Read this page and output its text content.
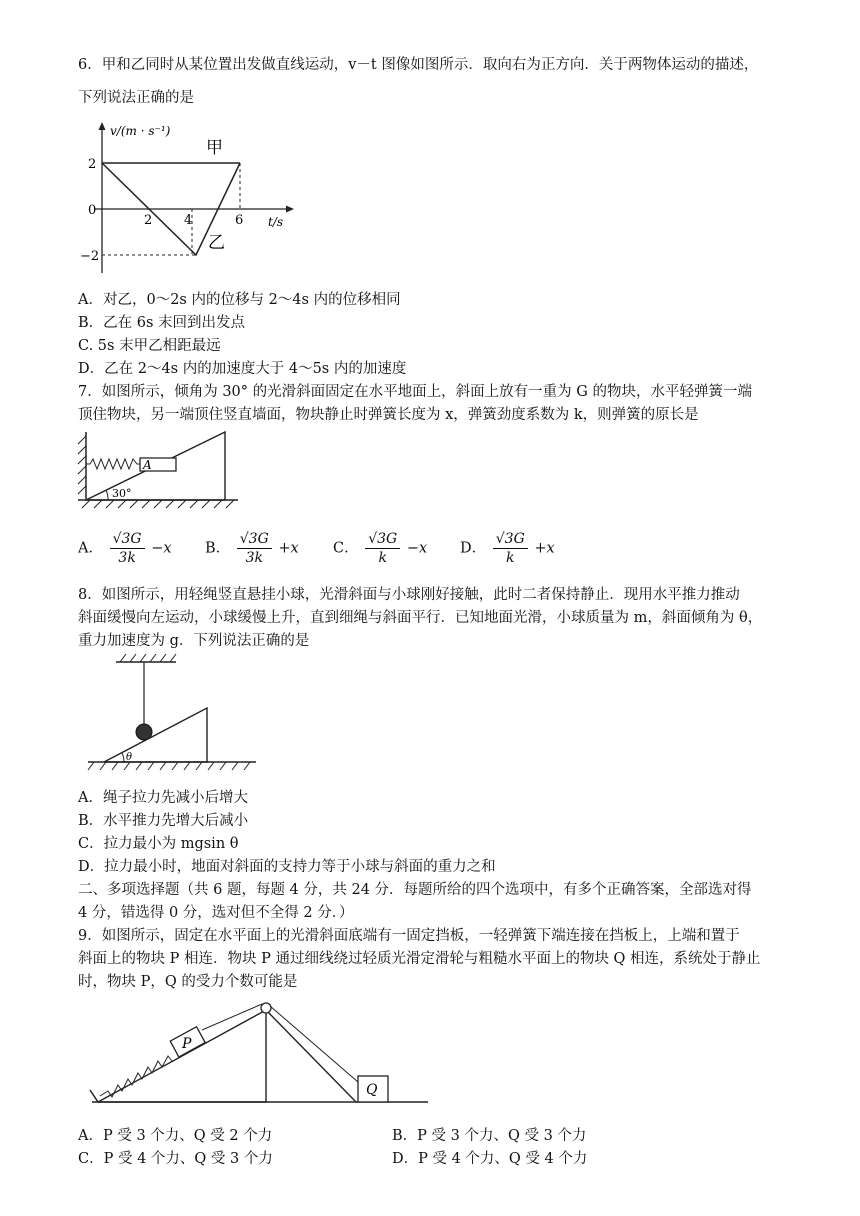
6．甲和乙同时从某位置出发做直线运动，v－t 图像如图所示．取向右为正方向．关于两物体运动的描述，
下列说法正确的是
v/(m · s⁻¹)
t/s
2
0
−2
2 4	6
甲
乙
A．对乙，0～2s 内的位移与 2～4s 内的位移相同
B．乙在 6s 末回到出发点
C. 5s 末甲乙相距最远
D．乙在 2～4s 内的加速度大于 4～5s 内的加速度
7．如图所示，倾角为 30° 的光滑斜面固定在水平地面上，斜面上放有一重为 G 的物块，水平轻弹簧一端
顶住物块，另一端顶住竖直墙面，物块静止时弹簧长度为 x，弹簧劲度系数为 k，则弹簧的原长是
A
30°
A． $\frac{√3G}{3k} -x$ B． $\frac{√3G}{3k} +x$ C． $\frac{√3G}{k} -x$ D． $\frac{√3G}{k} +x$
8．如图所示，用轻绳竖直悬挂小球，光滑斜面与小球刚好接触，此时二者保持静止．现用水平推力推动
斜面缓慢向左运动，小球缓慢上升，直到细绳与斜面平行．已知地面光滑，小球质量为 m，斜面倾角为 θ，
重力加速度为 g．下列说法正确的是
θ
A．绳子拉力先减小后增大
B．水平推力先增大后减小
C．拉力最小为 mgsin θ
D．拉力最小时，地面对斜面的支持力等于小球与斜面的重力之和
二、多项选择题（共 6 题，每题 4 分，共 24 分．每题所给的四个选项中，有多个正确答案，全部选对得
4 分，错选得 0 分，选对但不全得 2 分．）
9．如图所示，固定在水平面上的光滑斜面底端有一固定挡板，一轻弹簧下端连接在挡板上，上端和置于
斜面上的物块 P 相连．物块 P 通过细线绕过轻质光滑定滑轮与粗糙水平面上的物块 Q 相连，系统处于静止
时，物块 P，Q 的受力个数可能是
P
Q
A．P 受 3 个力、Q 受 2 个力	B．P 受 3 个力、Q 受 3 个力
C．P 受 4 个力、Q 受 3 个力	D．P 受 4 个力、Q 受 4 个力
